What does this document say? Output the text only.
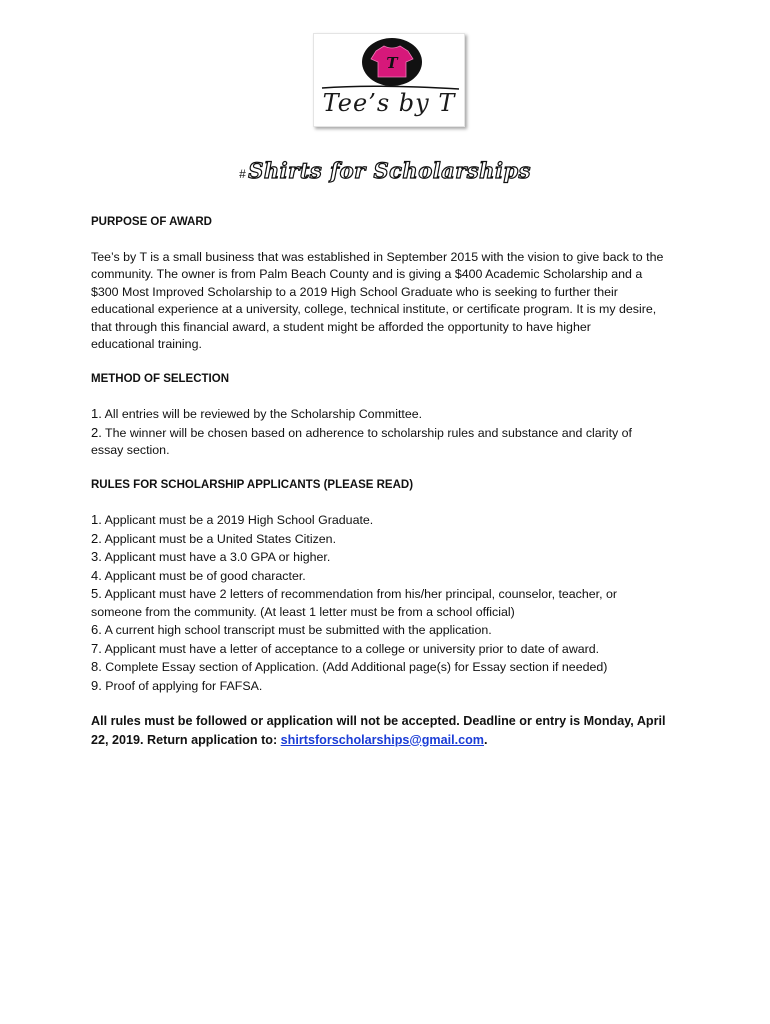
T
Tee’s by T
#Shirts for Scholarships

PURPOSE OF AWARD

Tee’s by T is a small business that was established in September 2015 with the vision to give back to the

community. The owner is from Palm Beach County and is giving a $400 Academic Scholarship and a

$300 Most Improved Scholarship to a 2019 High School Graduate who is seeking to further their

educational experience at a university, college, technical institute, or certificate program. It is my desire,

that through this financial award, a student might be afforded the opportunity to have higher

educational training.

METHOD OF SELECTION

1. All entries will be reviewed by the Scholarship Committee.

2. The winner will be chosen based on adherence to scholarship rules and substance and clarity of

essay section.

RULES FOR SCHOLARSHIP APPLICANTS (PLEASE READ)

1. Applicant must be a 2019 High School Graduate.

2. Applicant must be a United States Citizen.

3. Applicant must have a 3.0 GPA or higher.

4. Applicant must be of good character.

5. Applicant must have 2 letters of recommendation from his/her principal, counselor, teacher, or

someone from the community. (At least 1 letter must be from a school official)

6. A current high school transcript must be submitted with the application.

7. Applicant must have a letter of acceptance to a college or university prior to date of award.

8. Complete Essay section of Application. (Add Additional page(s) for Essay section if needed)

9. Proof of applying for FAFSA.

All rules must be followed or application will not be accepted. Deadline or entry is Monday, April

22, 2019. Return application to: shirtsforscholarships@gmail.com.
